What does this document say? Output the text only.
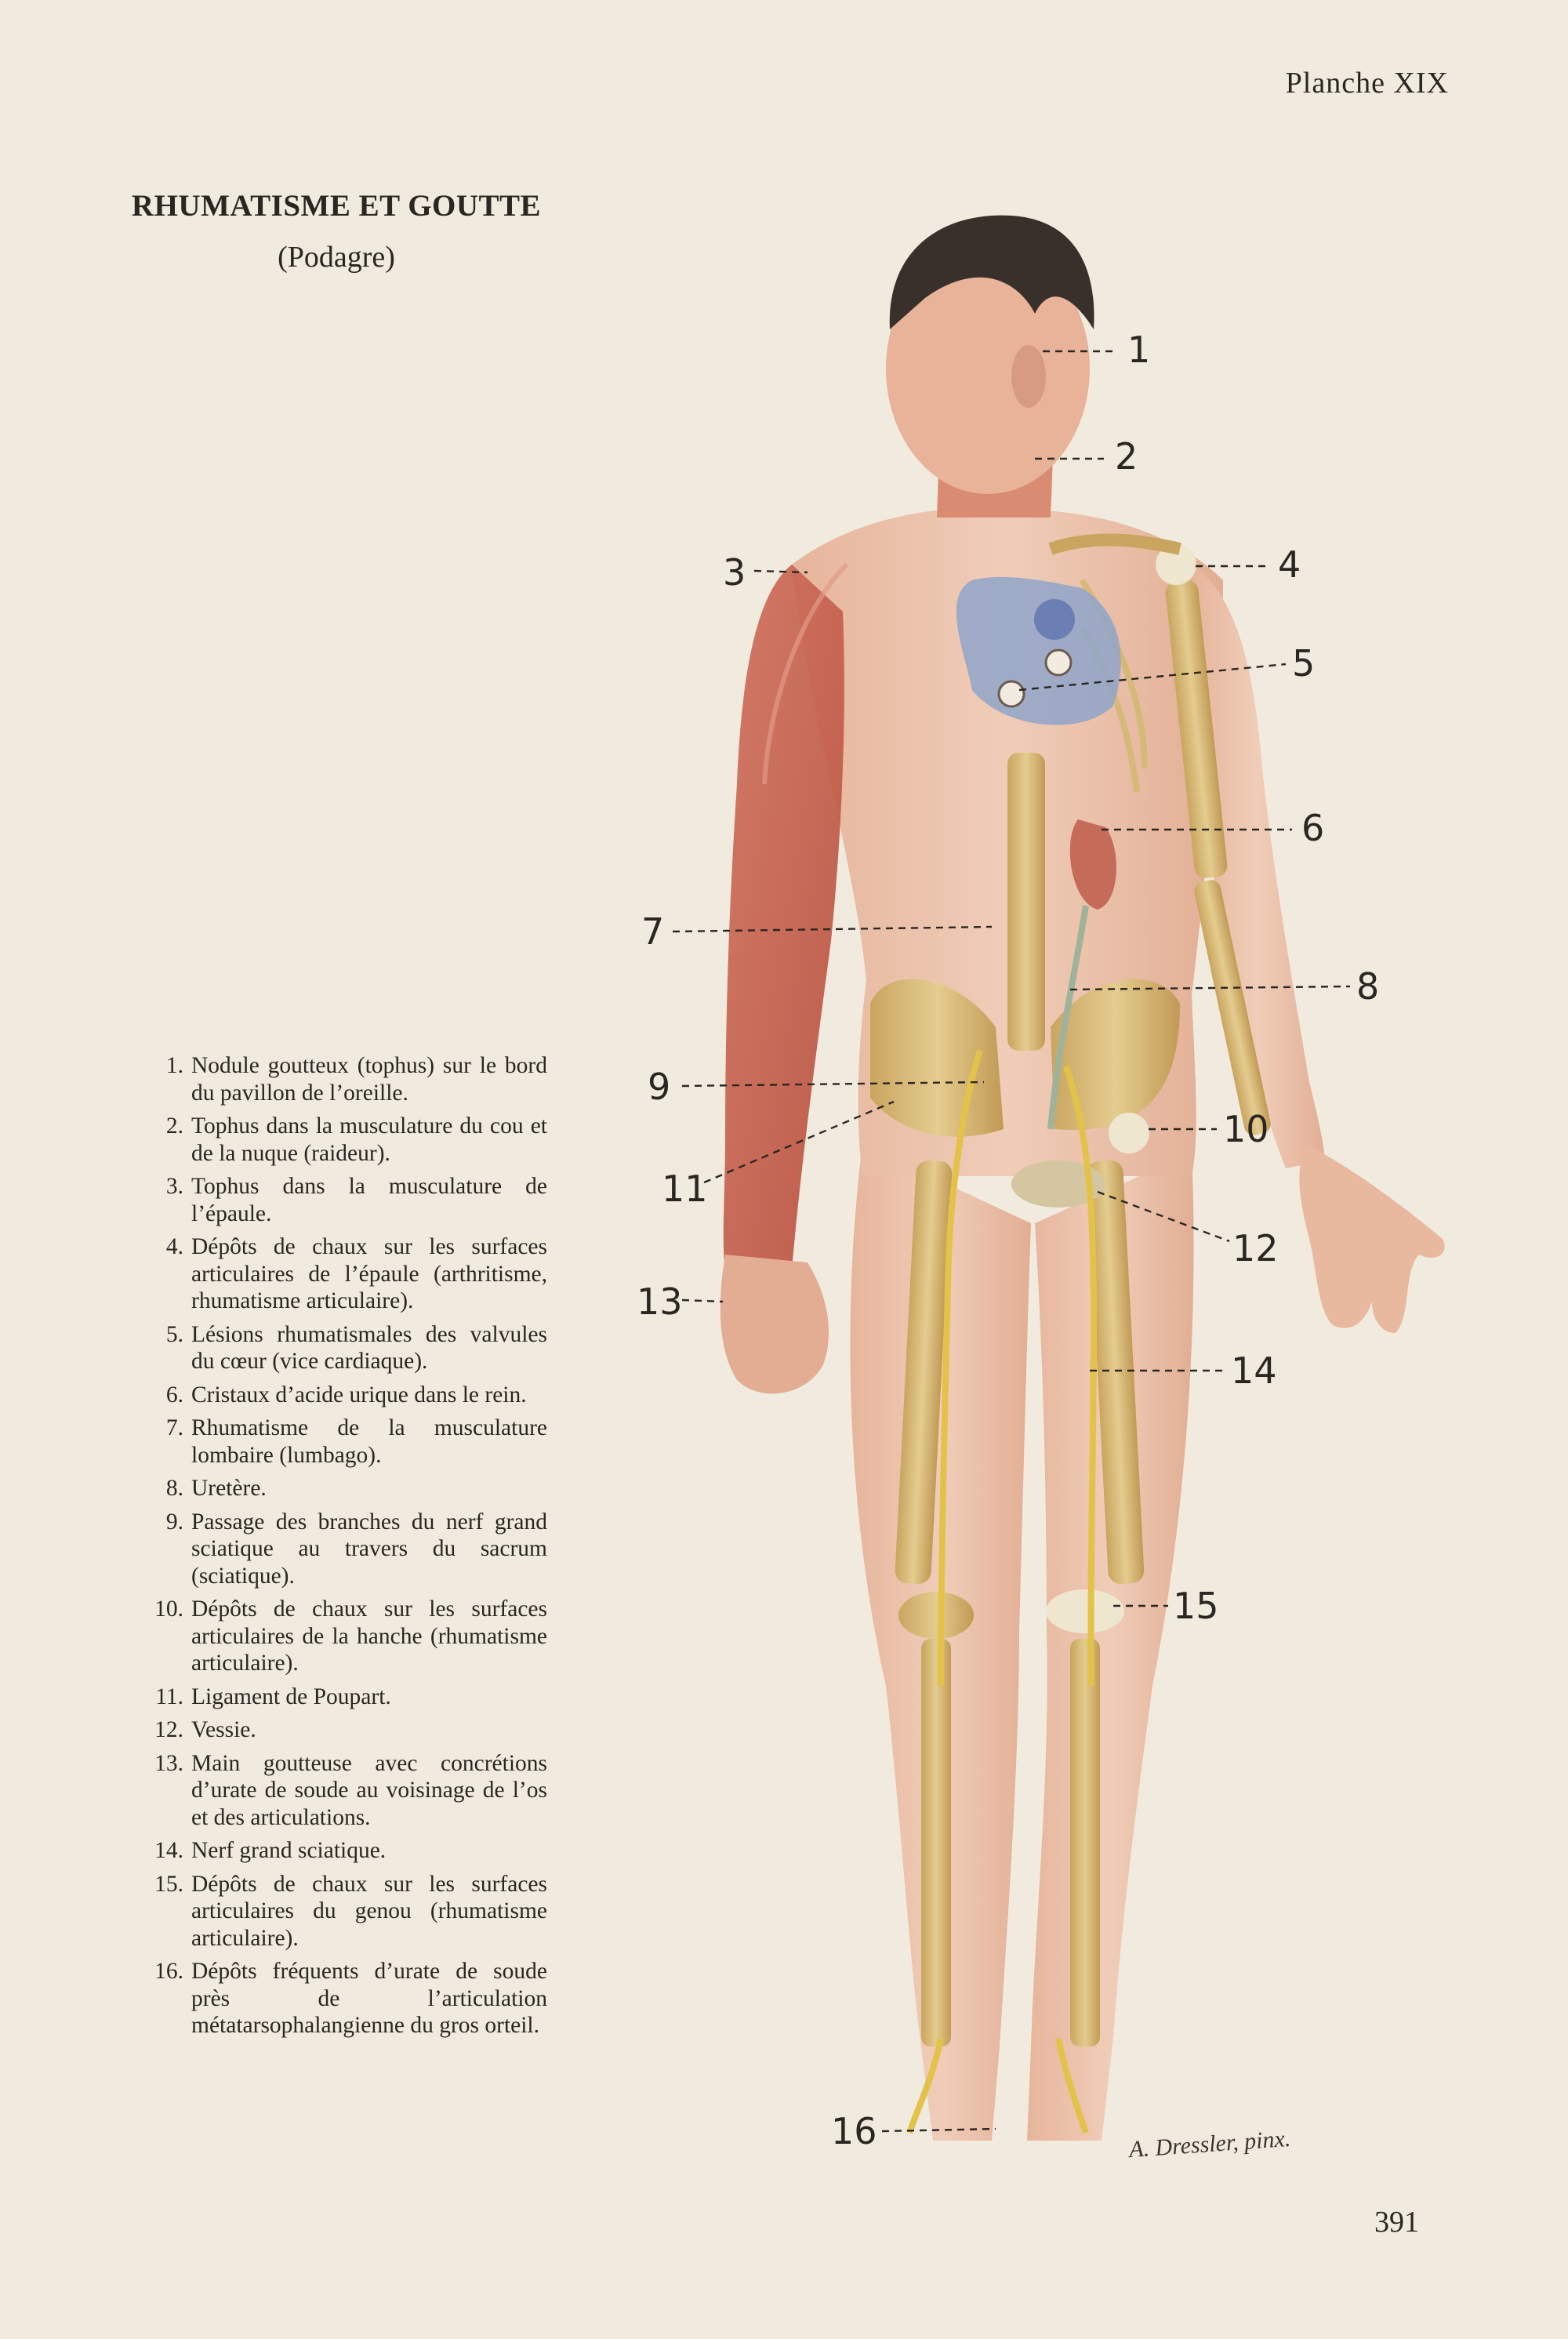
Planche XIX
RHUMATISME ET GOUTTE
(Podagre)
1. Nodule goutteux (tophus) sur le bord du pavillon de l’oreille.
2. Tophus dans la musculature du cou et de la nuque (raideur).
3. Tophus dans la musculature de l’épaule.
4. Dépôts de chaux sur les surfaces articulaires de l’épaule (arthritisme, rhumatisme articulaire).
5. Lésions rhumatismales des valvules du cœur (vice cardiaque).
6. Cristaux d’acide urique dans le rein.
7. Rhumatisme de la musculature lombaire (lumbago).
8. Uretère.
9. Passage des branches du nerf grand sciatique au travers du sacrum (sciatique).
10. Dépôts de chaux sur les surfaces articulaires de la hanche (rhumatisme articulaire).
11. Ligament de Poupart.
12. Vessie.
13. Main goutteuse avec concrétions d’urate de soude au voisinage de l’os et des articulations.
14. Nerf grand sciatique.
15. Dépôts de chaux sur les surfaces articulaires du genou (rhumatisme articulaire).
16. Dépôts fréquents d’urate de soude près de l’articulation métatarsophalangienne du gros orteil.
1
2
3	4
5
6
7
8
9
10
11
12
13
14
15
16	A. Dressler, pinx.
391
